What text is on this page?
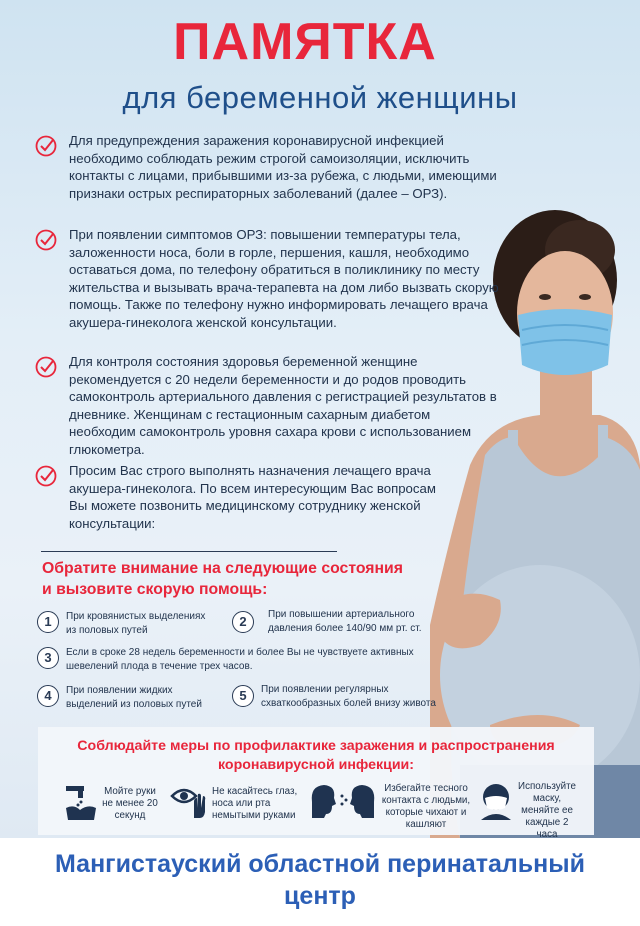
ПАМЯТКА
для беременной женщины
Для предупреждения заражения коронавирусной инфекцией необходимо соблюдать режим строгой самоизоляции, исключить контакты с лицами, прибывшими из-за рубежа, с людьми, имеющими признаки острых респираторных заболеваний (далее – ОРЗ).
При появлении симптомов ОРЗ: повышении температуры тела, заложенности носа, боли в горле, першения, кашля, необходимо оставаться дома, по телефону обратиться в поликлинику по месту жительства и вызывать врача-терапевта на дом либо вызвать скорую помощь. Также по телефону нужно информировать лечащего врача акушера-гинеколога женской консультации.
Для контроля состояния здоровья беременной женщине рекомендуется с 20 недели беременности и до родов проводить самоконтроль артериального давления с регистрацией результатов в дневнике. Женщинам с гестационным сахарным диабетом необходим самоконтроль уровня сахара крови с использованием глюкометра.
Просим Вас строго выполнять назначения лечащего врача акушера-гинеколога. По всем интересующим Вас вопросам Вы можете позвонить медицинскому сотруднику женской консультации:
Обратите внимание на следующие состояния
и вызовите скорую помощь:
1	При кровянистых выделениях из половых путей
2	При повышении артериального давления более 140/90 мм рт. ст.
3	Если в сроке 28 недель беременности и более Вы не чувствуете активных шевелений плода в течение трех часов.
4	При появлении жидких выделений из половых путей
5	При появлении регулярных схваткообразных болей внизу живота
Соблюдайте меры по профилактике заражения и распространения
коронавирусной инфекции:
Мойте руки не менее 20 секунд
Не касайтесь глаз, носа или рта немытыми руками
Избегайте тесного контакта с людьми, которые чихают и кашляют
Используйте маску, меняйте ее каждые 2 часа
Мангистауский областной перинатальный
центр
